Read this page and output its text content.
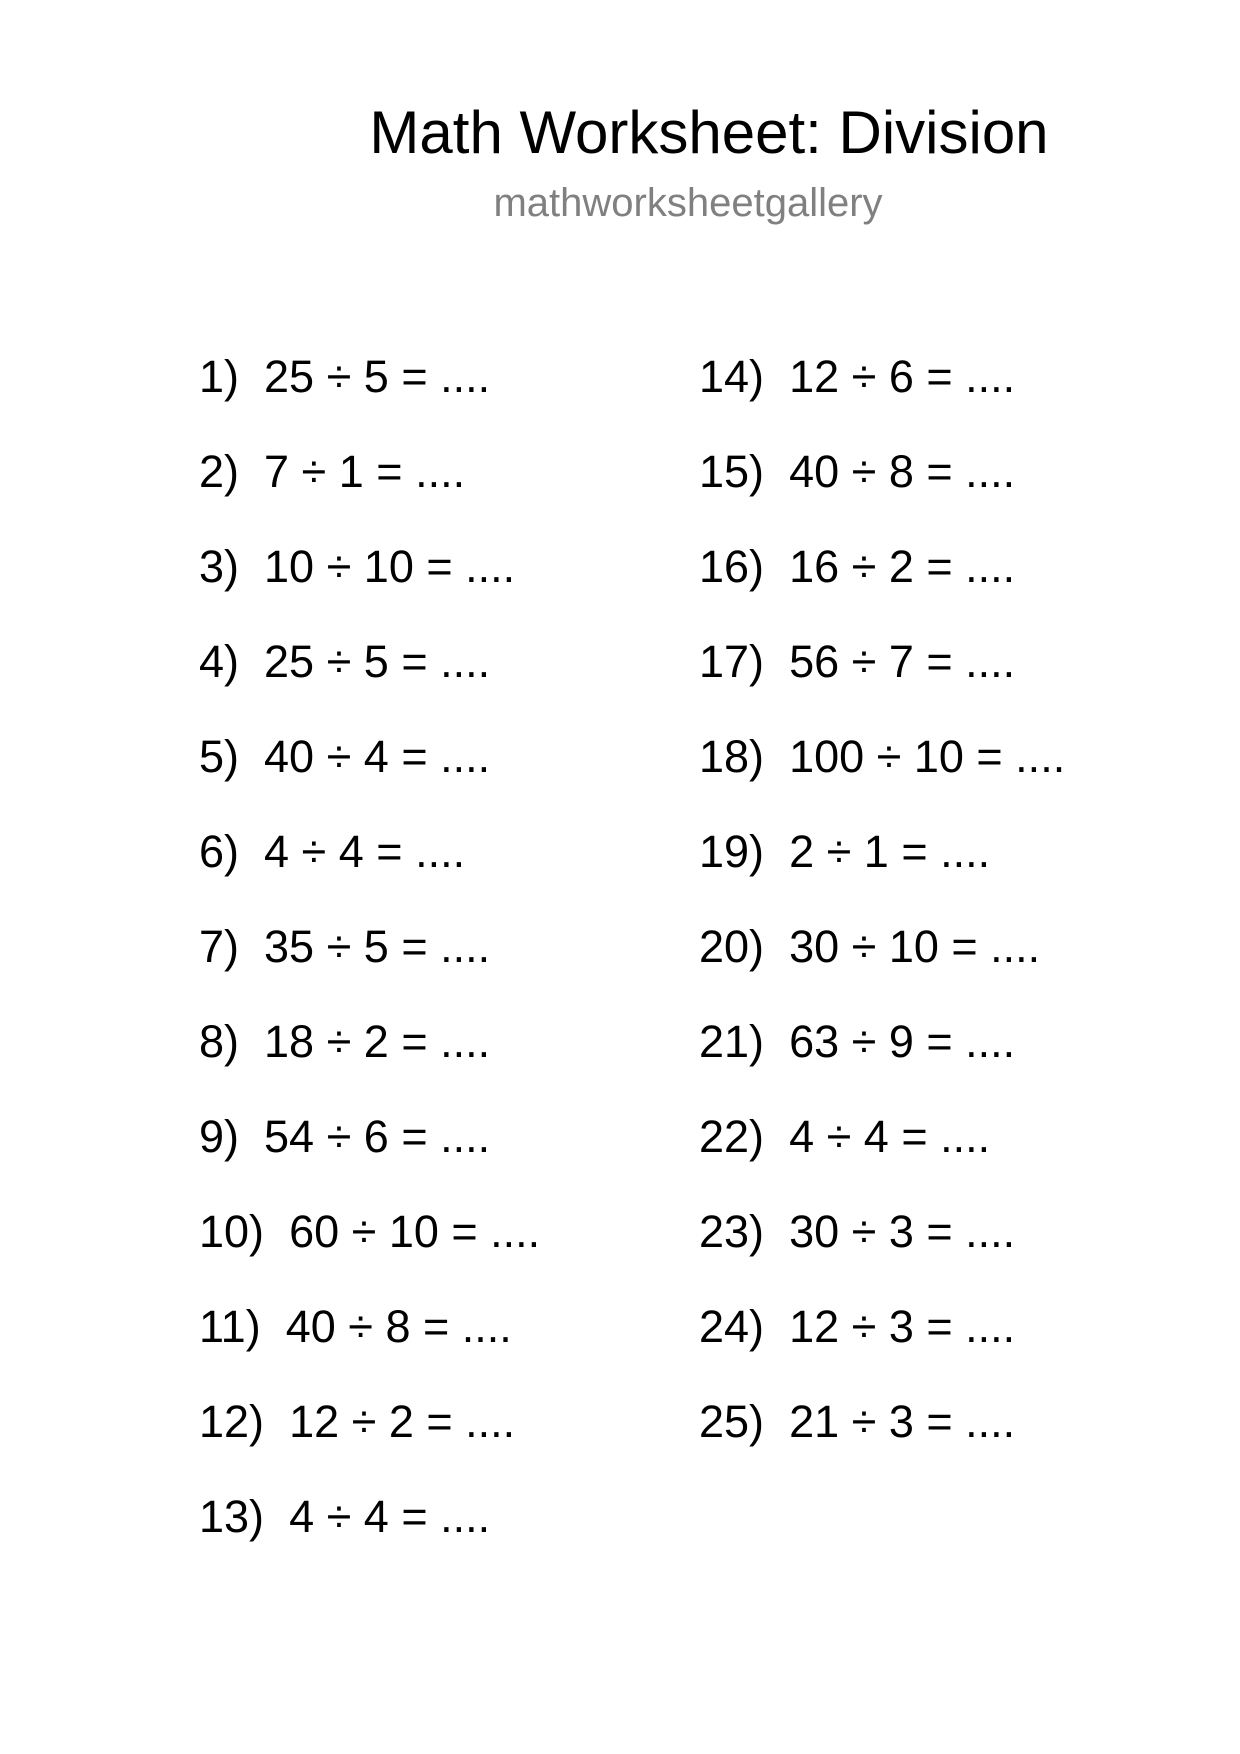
Math Worksheet: Division
mathworksheetgallery
1) 25 ÷ 5 = ....
2) 7 ÷ 1 = ....
3) 10 ÷ 10 = ....
4) 25 ÷ 5 = ....
5) 40 ÷ 4 = ....
6) 4 ÷ 4 = ....
7) 35 ÷ 5 = ....
8) 18 ÷ 2 = ....
9) 54 ÷ 6 = ....
10) 60 ÷ 10 = ....
11) 40 ÷ 8 = ....
12) 12 ÷ 2 = ....
13) 4 ÷ 4 = ....
14) 12 ÷ 6 = ....
15) 40 ÷ 8 = ....
16) 16 ÷ 2 = ....
17) 56 ÷ 7 = ....
18) 100 ÷ 10 = ....
19) 2 ÷ 1 = ....
20) 30 ÷ 10 = ....
21) 63 ÷ 9 = ....
22) 4 ÷ 4 = ....
23) 30 ÷ 3 = ....
24) 12 ÷ 3 = ....
25) 21 ÷ 3 = ....
